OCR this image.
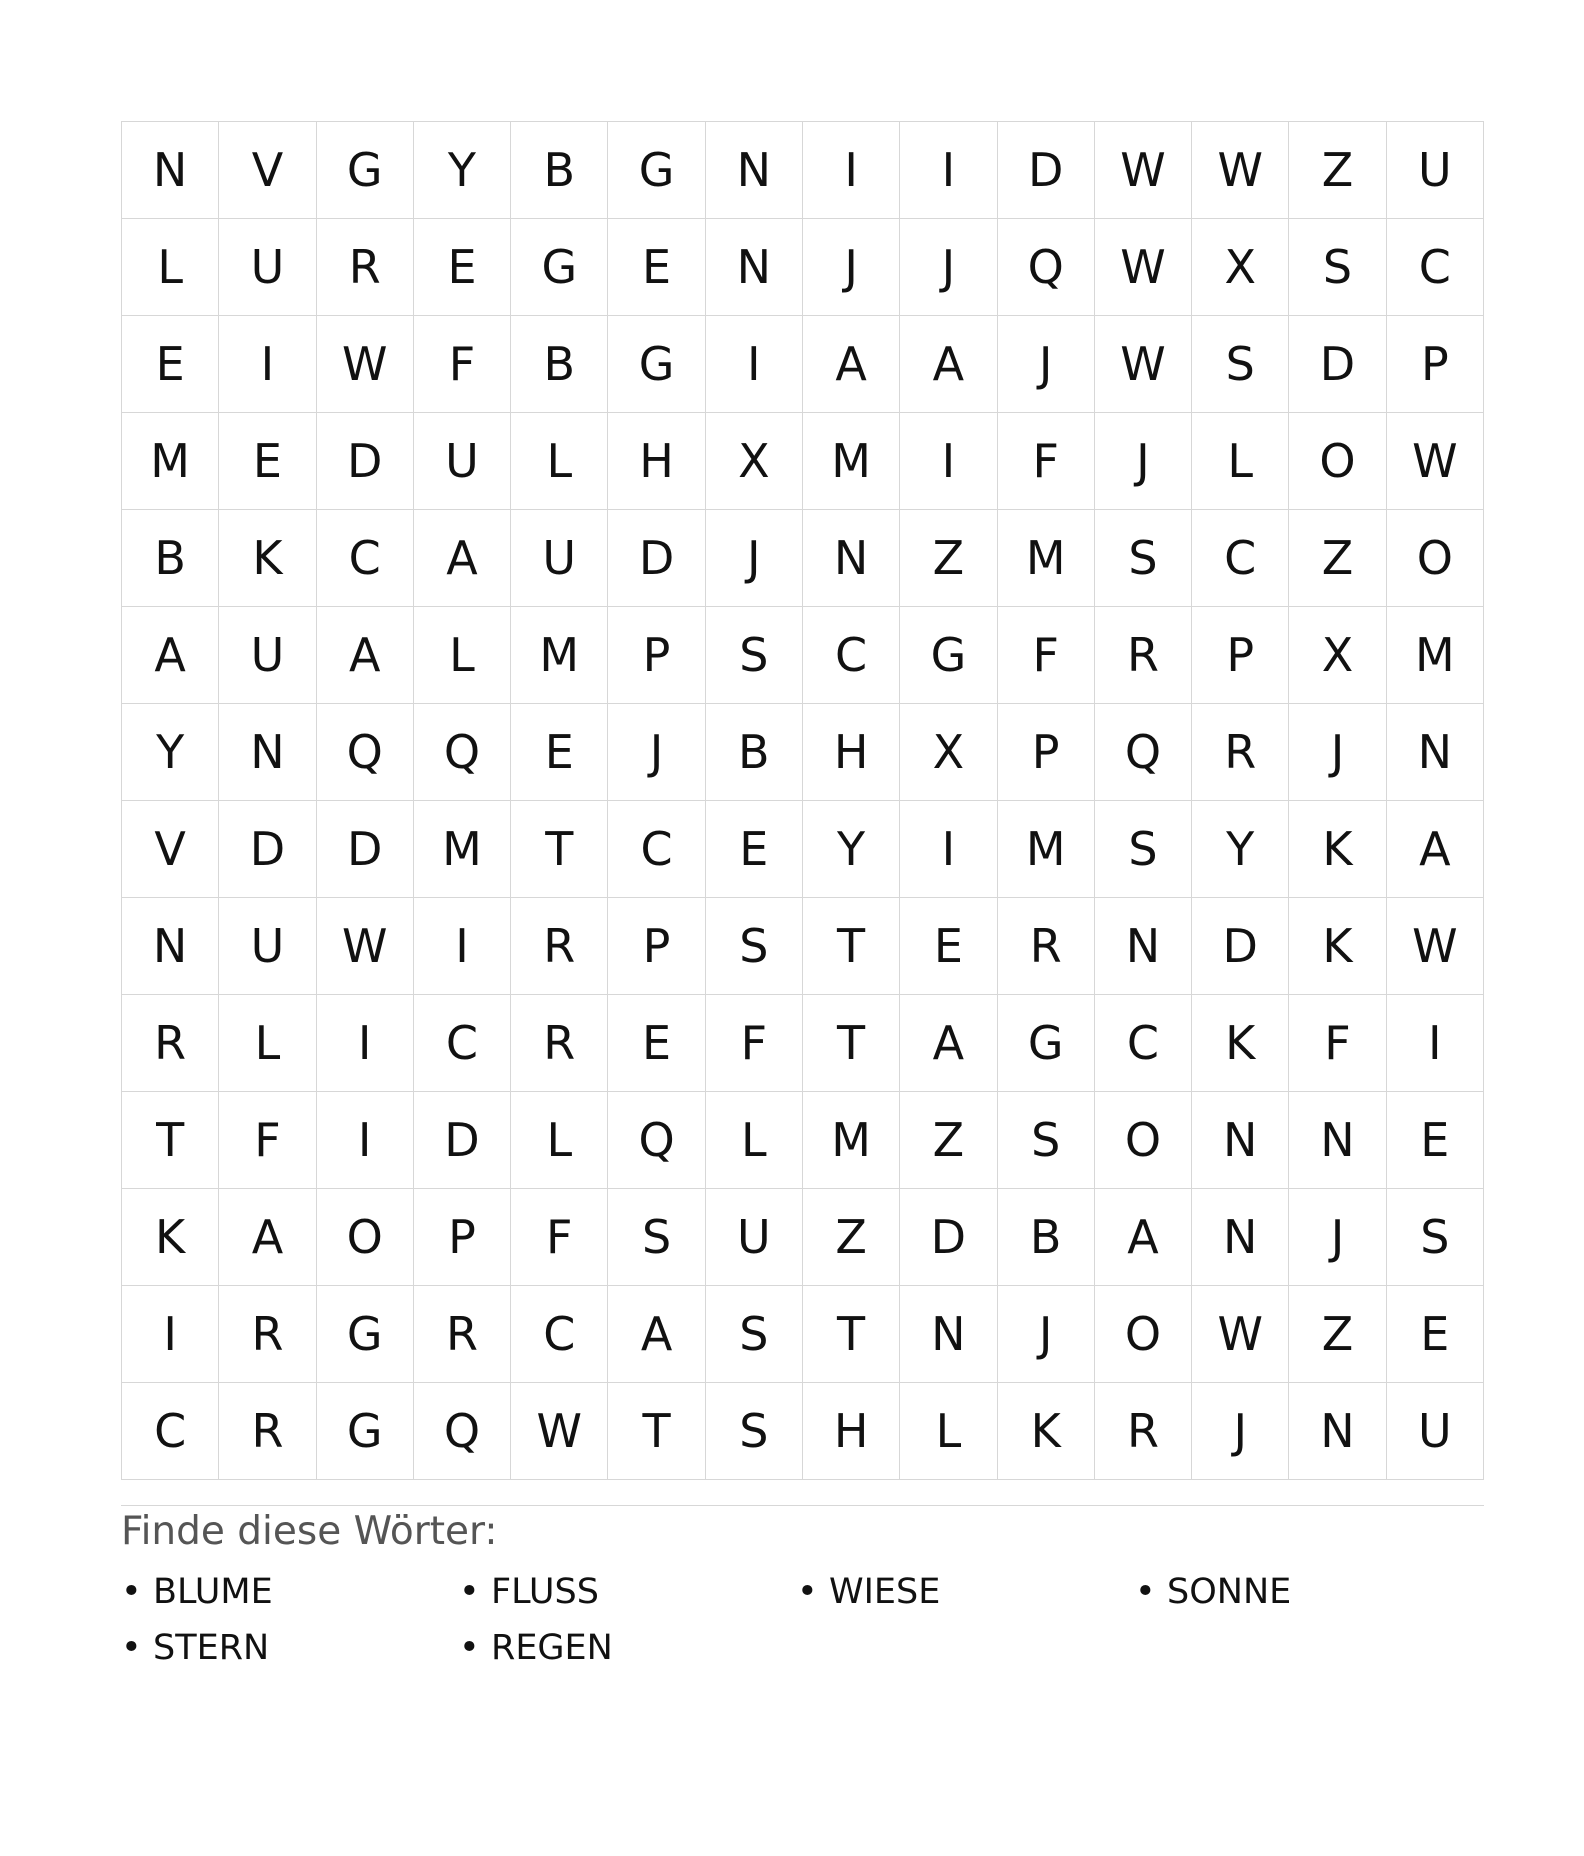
N	V	G	Y	B	G	N	I	I	D	W	W	Z	U
L	U	R	E	G	E	N	J	J	Q	W	X	S	C
E	I	W	F	B	G	I	A	A	J	W	S	D	P
M	E	D	U	L	H	X	M	I	F	J	L	O	W
B	K	C	A	U	D	J	N	Z	M	S	C	Z	O
A	U	A	L	M	P	S	C	G	F	R	P	X	M
Y	N	Q	Q	E	J	B	H	X	P	Q	R	J	N
V	D	D	M	T	C	E	Y	I	M	S	Y	K	A
N	U	W	I	R	P	S	T	E	R	N	D	K	W
R	L	I	C	R	E	F	T	A	G	C	K	F	I
T	F	I	D	L	Q	L	M	Z	S	O	N	N	E
K	A	O	P	F	S	U	Z	D	B	A	N	J	S
I	R	G	R	C	A	S	T	N	J	O	W	Z	E
C	R	G	Q	W	T	S	H	L	K	R	J	N	U
Finde diese Wörter:
• BLUME	• FLUSS	• WIESE	• SONNE
• STERN	• REGEN
